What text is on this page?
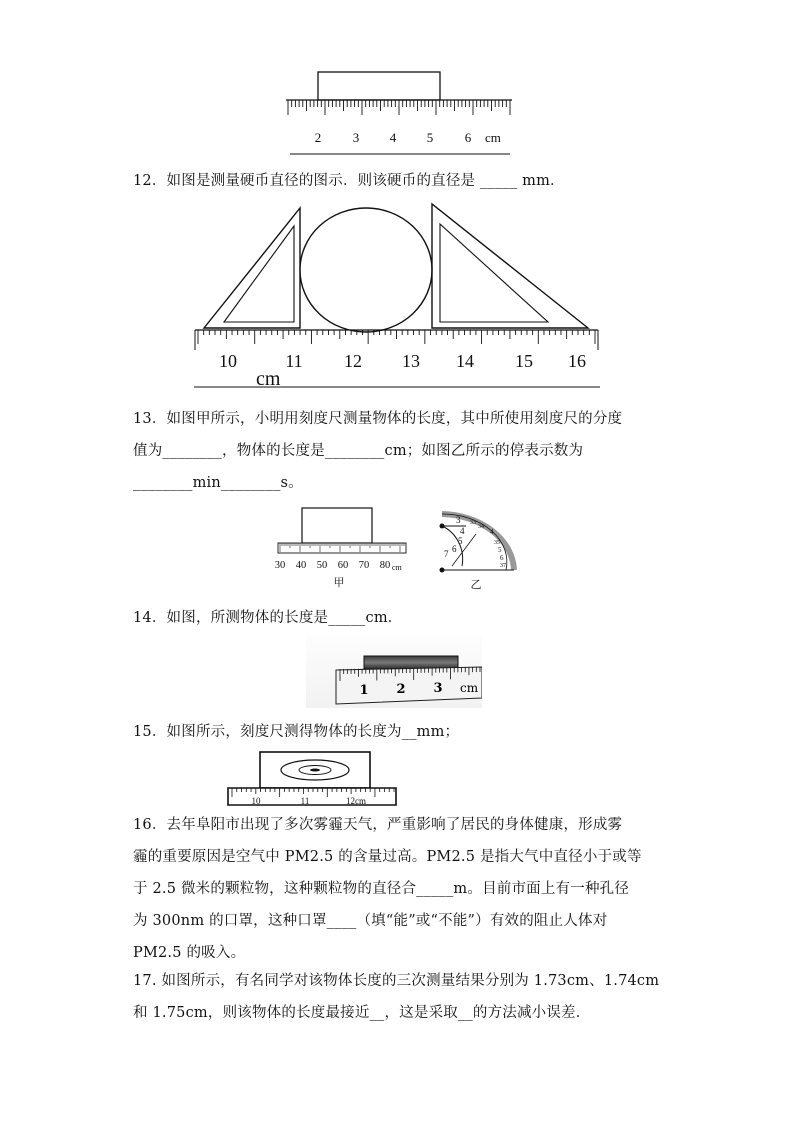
2 3 4 5 6 cm
12．如图是测量硬币直径的图示．则该硬币的直径是 _____ mm．
10	11 12 13 14 15 16
cm
13．如图甲所示，小明用刻度尺测量物体的长度，其中所使用刻度尺的分度
值为________，物体的长度是________cm；如图乙所示的停表示数为
________min________s。
30 40 50 60 70 80 cm
甲
3
4
5
6
7
33
34
4
35
5
6
37
乙
14．如图，所测物体的长度是_____cm．
1 2 3 cm
15．如图所示，刻度尺测得物体的长度为__mm；
10	11	12cm
16．去年阜阳市出现了多次雾霾天气，严重影响了居民的身体健康，形成雾
霾的重要原因是空气中 PM2.5 的含量过高。PM2.5 是指大气中直径小于或等
于 2.5 微米的颗粒物，这种颗粒物的直径合_____m。目前市面上有一种孔径
为 300nm 的口罩，这种口罩____（填“能”或“不能”）有效的阻止人体对
PM2.5 的吸入。
17. 如图所示，有名同学对该物体长度的三次测量结果分别为 1.73cm、1.74cm
和 1.75cm，则该物体的长度最接近__，这是采取__的方法减小误差．
